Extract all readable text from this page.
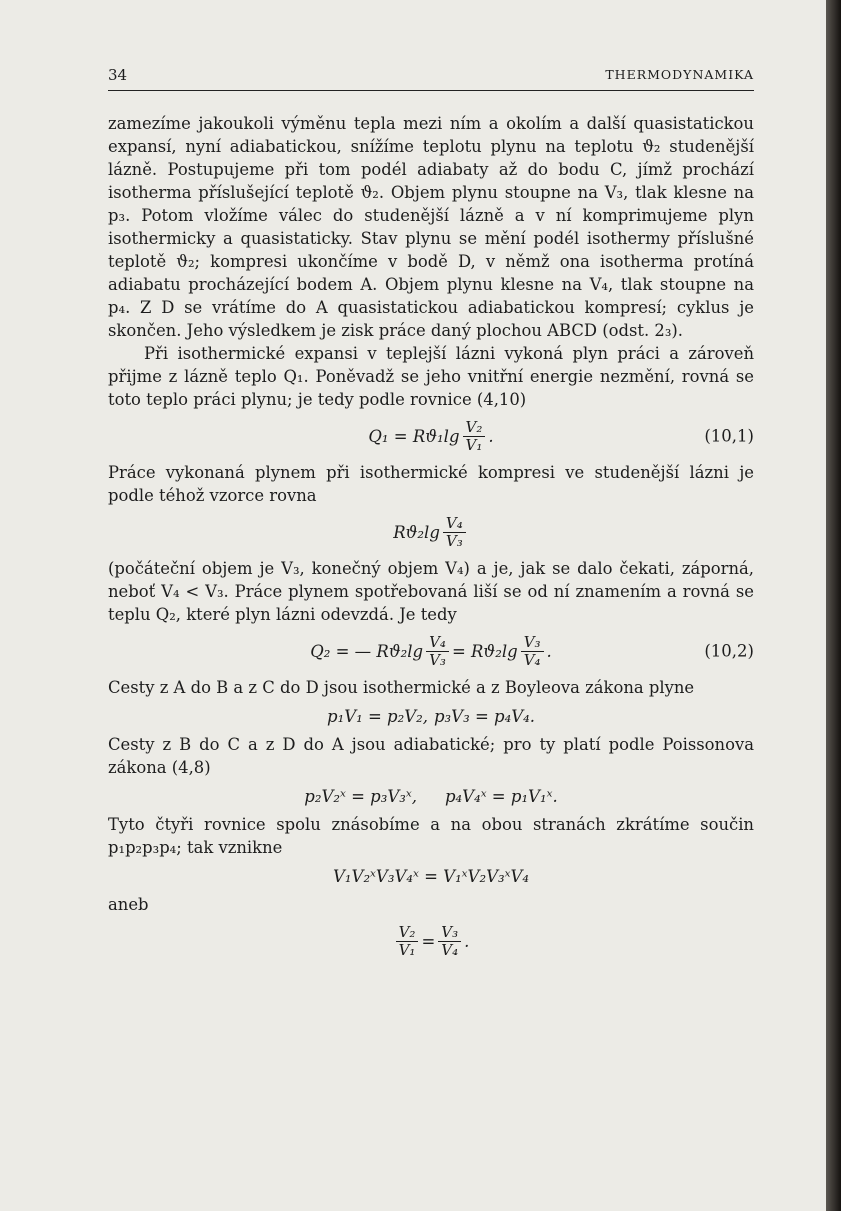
34	THERMODYNAMIKA

zamezíme jakoukoli výměnu tepla mezi ním a okolím a další quasistatickou expansí, nyní adiabatickou, snížíme teplotu plynu na teplotu ϑ₂ studenější lázně. Postupujeme při tom podél adiabaty až do bodu C, jímž prochází isotherma příslušející teplotě ϑ₂. Objem plynu stoupne na V₃, tlak klesne na p₃. Potom vložíme válec do studenější lázně a v ní komprimujeme plyn isothermicky a quasistaticky. Stav plynu se mění podél isothermy příslušné teplotě ϑ₂; kompresi ukončíme v bodě D, v němž ona isotherma protíná adiabatu procházející bodem A. Objem plynu klesne na V₄, tlak stoupne na p₄. Z D se vrátíme do A quasistatickou adiabatickou kompresí; cyklus je skončen. Jeho výsledkem je zisk práce daný plochou ABCD (odst. 2₃).

Při isothermické expansi v teplejší lázni vykoná plyn práci a zároveň přijme z lázně teplo Q₁. Poněvadž se jeho vnitřní energie nezmění, rovná se toto teplo práci plynu; je tedy podle rovnice (4,10)

$Q_1 = Rϑ_1\lg \frac{\text{V₂}}{\text{V₁}}$ .	(10,1)

Práce vykonaná plynem při isothermické kompresi ve studenější lázni je podle téhož vzorce rovna

$Rϑ_2\lg \frac{\text{V₄}}{\text{V₃}}$

(počáteční objem je V₃, konečný objem V₄) a je, jak se dalo čekati, záporná, neboť V₄ < V₃. Práce plynem spotřebovaná liší se od ní znamením a rovná se teplu Q₂, které plyn lázni odevzdá. Je tedy

Q₂ = — $Rϑ_2\lg \frac{\text{V₄}}{\text{V₃}} = Rϑ_2\lg \frac{\text{V₃}}{\text{V₄}}$ .	(10,2)

Cesty z A do B a z C do D jsou isothermické a z Boyleova zákona plyne

p₁V₁ = p₂V₂, p₃V₃ = p₄V₄.

Cesty z B do C a z D do A jsou adiabatické; pro ty platí podle Poissonova zákona (4,8)

p₂V₂ˣ = p₃V₃ˣ, p₄V₄ˣ = p₁V₁ˣ.

Tyto čtyři rovnice spolu znásobíme a na obou stranách zkrátíme součin p₁p₂p₃p₄; tak vznikne

V₁V₂ˣV₃V₄ˣ = V₁ˣV₂V₃ˣV₄
aneb
$\frac{\text{V₂}}{\text{V₁}} = \frac{\text{V₃}}{\text{V₄}}$ .
